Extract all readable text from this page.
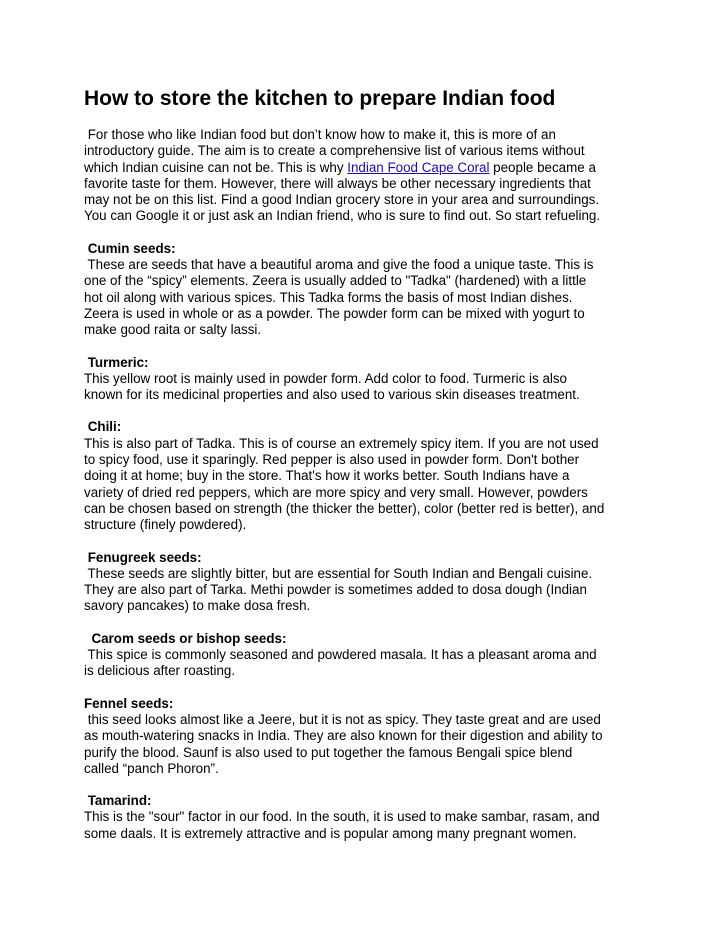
How to store the kitchen to prepare Indian food
For those who like Indian food but don’t know how to make it, this is more of an
introductory guide. The aim is to create a comprehensive list of various items without
which Indian cuisine can not be. This is why Indian Food Cape Coral people became a
favorite taste for them. However, there will always be other necessary ingredients that
may not be on this list. Find a good Indian grocery store in your area and surroundings.
You can Google it or just ask an Indian friend, who is sure to find out. So start refueling.
Cumin seeds:
These are seeds that have a beautiful aroma and give the food a unique taste. This is
one of the “spicy” elements. Zeera is usually added to "Tadka" (hardened) with a little
hot oil along with various spices. This Tadka forms the basis of most Indian dishes.
Zeera is used in whole or as a powder. The powder form can be mixed with yogurt to
make good raita or salty lassi.
Turmeric:
This yellow root is mainly used in powder form. Add color to food. Turmeric is also
known for its medicinal properties and also used to various skin diseases treatment.
Chili:
This is also part of Tadka. This is of course an extremely spicy item. If you are not used
to spicy food, use it sparingly. Red pepper is also used in powder form. Don't bother
doing it at home; buy in the store. That's how it works better. South Indians have a
variety of dried red peppers, which are more spicy and very small. However, powders
can be chosen based on strength (the thicker the better), color (better red is better), and
structure (finely powdered).
Fenugreek seeds:
These seeds are slightly bitter, but are essential for South Indian and Bengali cuisine.
They are also part of Tarka. Methi powder is sometimes added to dosa dough (Indian
savory pancakes) to make dosa fresh.
Carom seeds or bishop seeds:
This spice is commonly seasoned and powdered masala. It has a pleasant aroma and
is delicious after roasting.
Fennel seeds:
this seed looks almost like a Jeere, but it is not as spicy. They taste great and are used
as mouth-watering snacks in India. They are also known for their digestion and ability to
purify the blood. Saunf is also used to put together the famous Bengali spice blend
called “panch Phoron”.
Tamarind:
This is the "sour" factor in our food. In the south, it is used to make sambar, rasam, and
some daals. It is extremely attractive and is popular among many pregnant women.
